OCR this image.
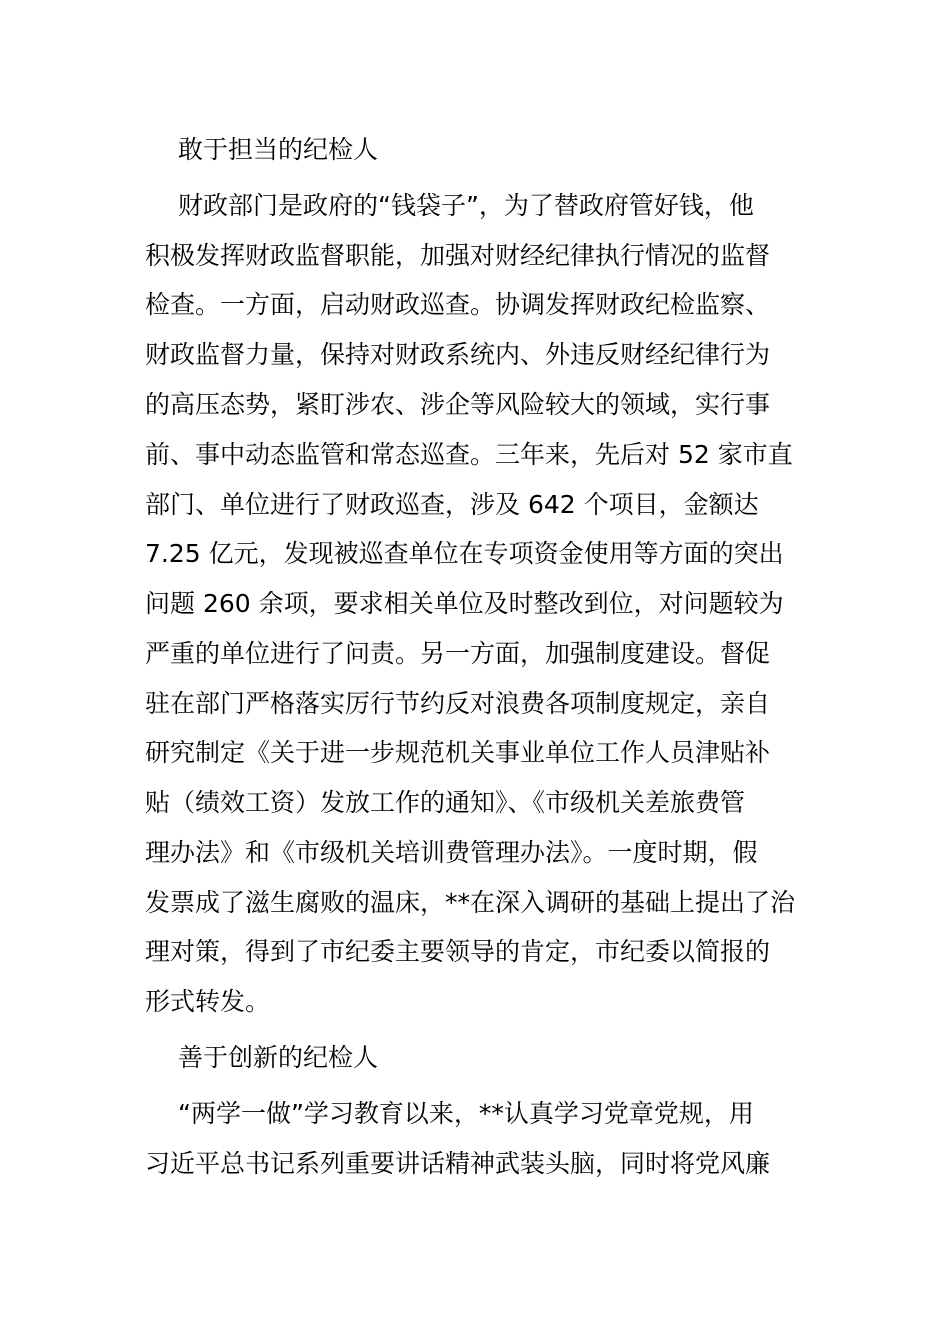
敢于担当的纪检人

财政部门是政府的“钱袋子”，为了替政府管好钱，他

积极发挥财政监督职能，加强对财经纪律执行情况的监督

检查。一方面，启动财政巡查。协调发挥财政纪检监察、

财政监督力量，保持对财政系统内、外违反财经纪律行为

的高压态势，紧盯涉农、涉企等风险较大的领域，实行事

前、事中动态监管和常态巡查。三年来，先后对 52 家市直

部门、单位进行了财政巡查，涉及 642 个项目，金额达

7.25 亿元，发现被巡查单位在专项资金使用等方面的突出

问题 260 余项，要求相关单位及时整改到位，对问题较为

严重的单位进行了问责。另一方面，加强制度建设。督促

驻在部门严格落实厉行节约反对浪费各项制度规定，亲自

研究制定《关于进一步规范机关事业单位工作人员津贴补

贴（绩效工资）发放工作的通知》、《市级机关差旅费管

理办法》和《市级机关培训费管理办法》。一度时期，假

发票成了滋生腐败的温床，**在深入调研的基础上提出了治

理对策，得到了市纪委主要领导的肯定，市纪委以简报的

形式转发。

善于创新的纪检人

“两学一做”学习教育以来，**认真学习党章党规，用

习近平总书记系列重要讲话精神武装头脑，同时将党风廉
